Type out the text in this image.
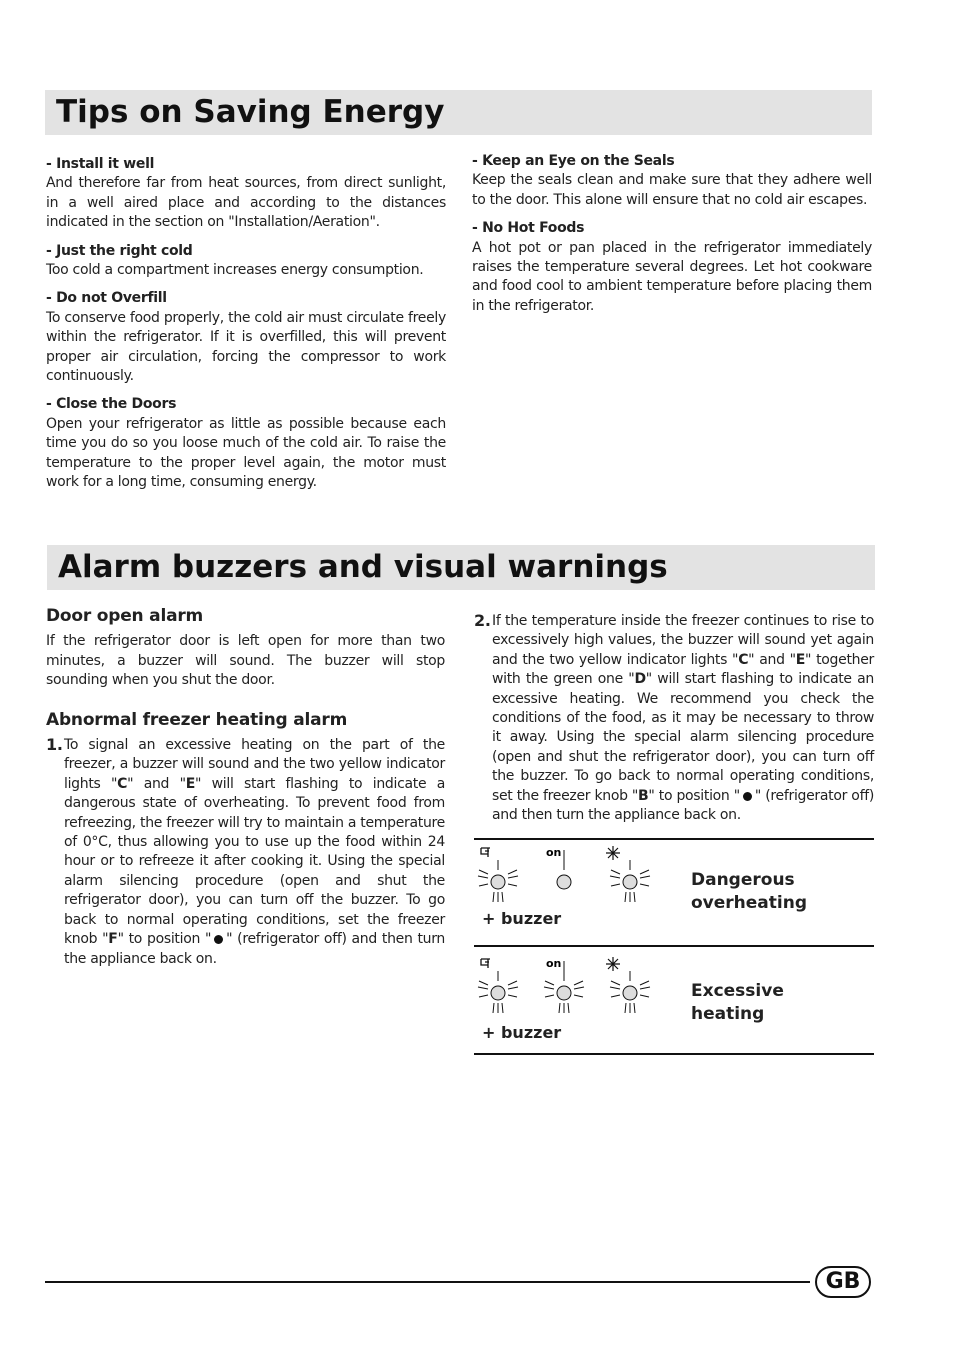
Tips on Saving Energy
- Install it well

And therefore far from heat sources, from direct sunlight, in a well aired place and according to the distances indicated in the section on "Installation/Aeration".

- Just the right cold

Too cold a compartment increases energy consumption.

- Do not Overfill

To conserve food properly, the cold air must circulate freely within the refrigerator. If it is overfilled, this will prevent proper air circulation, forcing the compressor to work continuously.

- Close the Doors

Open your refrigerator as little as possible because each time you do so you loose much of the cold air. To raise the temperature to the proper level again, the motor must work for a long time, consuming energy.

- Keep an Eye on the Seals

Keep the seals clean and make sure that they adhere well to the door. This alone will ensure that no cold air escapes.

- No Hot Foods

A hot pot or pan placed in the refrigerator immediately raises the temperature several degrees. Let hot cookware and food cool to ambient temperature before placing them in the refrigerator.

Alarm buzzers and visual warnings
Door open alarm

If the refrigerator door is left open for more than two minutes, a buzzer will sound. The buzzer will stop sounding when you shut the door.

Abnormal freezer heating alarm
1. To signal an excessive heating on the part of the freezer, a buzzer will sound and the two yellow indicator lights "C" and "E" will start flashing to indicate a dangerous state of overheating. To prevent food from refreezing, the freezer will try to maintain a temperature of 0°C, thus allowing you to use up the food within 24 hour or to refreeze it after cooking it. Using the special alarm silencing procedure (open and shut the refrigerator door), you can turn off the buzzer. To go back to normal operating conditions, set the freezer knob "F" to position " " (refrigerator off) and then turn the appliance back on.
2. If the temperature inside the freezer continues to rise to excessively high values, the buzzer will sound yet again and the two yellow indicator lights "C" and "E" together with the green one "D" will start flashing to indicate an excessive heating. We recommend you check the conditions of the food, as it may be necessary to throw it away. Using the special alarm silencing procedure (open and shut the refrigerator door), you can turn off the buzzer. To go back to normal operating conditions, set the freezer knob "B" to position " " (refrigerator off) and then turn the appliance back on.
on
+ buzzer
Dangerous
overheating
on
+ buzzer
Excessive
heating
GB
